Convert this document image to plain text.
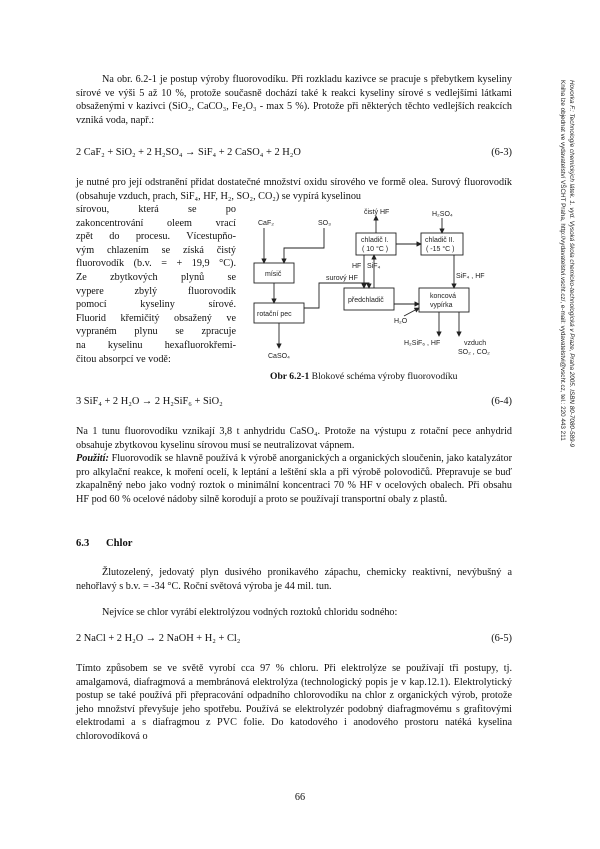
Hovorka F.: Technologie chemických látek. 1. vyd. Vysoká škola chemicko-technologická v Praze, Praha 2005. ISBN 80-7080-589-9
Kniha lze objednat ve vydavatelství VŠCHT Praha, http://vydavatelstvi.vscht.cz/, e-mail: vydavatelstvi@vscht.cz, tel.: 220 443 211

Na obr. 6.2-1 je postup výroby fluorovodíku. Při rozkladu kazivce se pracuje s přebytkem kyseliny sírové ve výši 5 až 10 %, protože současně dochází také k reakci kyseliny sírové s vedlejšími látkami obsaženými v kazivci (SiO₂, CaCO₃, Fe₂O₃ - max 5 %). Protože při některých těchto vedlejších reakcích vzniká voda, např.:

2 CaF₂ + SiO₂ + 2 H₂SO₄ → SiF₄ + 2 CaSO₄ + 2 H₂O	(6-3)

je nutné pro její odstranění přidat dostatečné množství oxidu sírového ve formě olea. Surový fluorovodík (obsahuje vzduch, prach, SiF₄, HF, H₂, SO₂, CO₂) se vypírá kyselinou

sírovou, která se po
zakoncentrování oleem vrací
zpět do procesu. Vícestupňo-
vým chlazením se získá čistý
fluorovodík (b.v. = + 19,9 °C).
Ze zbytkových plynů se
vypere zbylý fluorovodík
pomocí kyseliny sírové.
Fluorid křemičitý obsažený ve
vypraném plynu se zpracuje
na kyselinu hexafluorokřemi-
čitou absorpcí ve vodě:
CaF₂	SO₃
čistý HF	H₂SO₄
chladič I.
( 10 °C )
chladič II.
( -15 °C )
mísič
surový HF
HF SiF₄
SiF₄ , HF
rotační pec
předchladič
koncová
vypírka
H₂O
H₂SiF₆ , HF	vzduch
SO₂ , CO₂
CaSO₄
Obr 6.2-1 Blokové schéma výroby fluorovodíku
3 SiF₄ + 2 H₂O → 2 H₂SiF₆ + SiO₂	(6-4)

Na 1 tunu fluorovodíku vznikají 3,8 t anhydridu CaSO₄. Protože na výstupu z rotační pece anhydrid obsahuje zbytkovou kyselinu sírovou musí se neutralizovat vápnem.

Použití: Fluorovodík se hlavně používá k výrobě anorganických a organických sloučenin, jako katalyzátor pro alkylační reakce, k moření ocelí, k leptání a leštění skla a při výrobě polovodičů. Přepravuje se buď zkapalněný nebo jako vodný roztok o minimální koncentraci 70 % HF v ocelových obalech. Při obsahu HF pod 60 % ocelové nádoby silně korodují a proto se používají transportní obaly z plastů.

6.3 Chlor

Žlutozelený, jedovatý plyn dusivého pronikavého zápachu, chemicky reaktivní, nevýbušný a nehořlavý s b.v. = -34 °C. Roční světová výroba je 44 mil. tun.

Nejvíce se chlor vyrábí elektrolýzou vodných roztoků chloridu sodného:

2 NaCl + 2 H₂O → 2 NaOH + H₂ + Cl₂	(6-5)

Tímto způsobem se ve světě vyrobí cca 97 % chloru. Při elektrolýze se používají tři postupy, tj. amalgamová, diafragmová a membránová elektrolýza (technologický popis je v kap.12.1). Elektrolytický postup se také používá při přepracování odpadního chlorovodíku na chlor z organických výrob, protože jeho množství převyšuje jeho spotřebu. Používá se elektrolyzér podobný diafragmovému s grafitovými elektrodami a s diafragmou z PVC folie. Do katodového i anodového prostoru natéká kyselina chlorovodíková o

66
